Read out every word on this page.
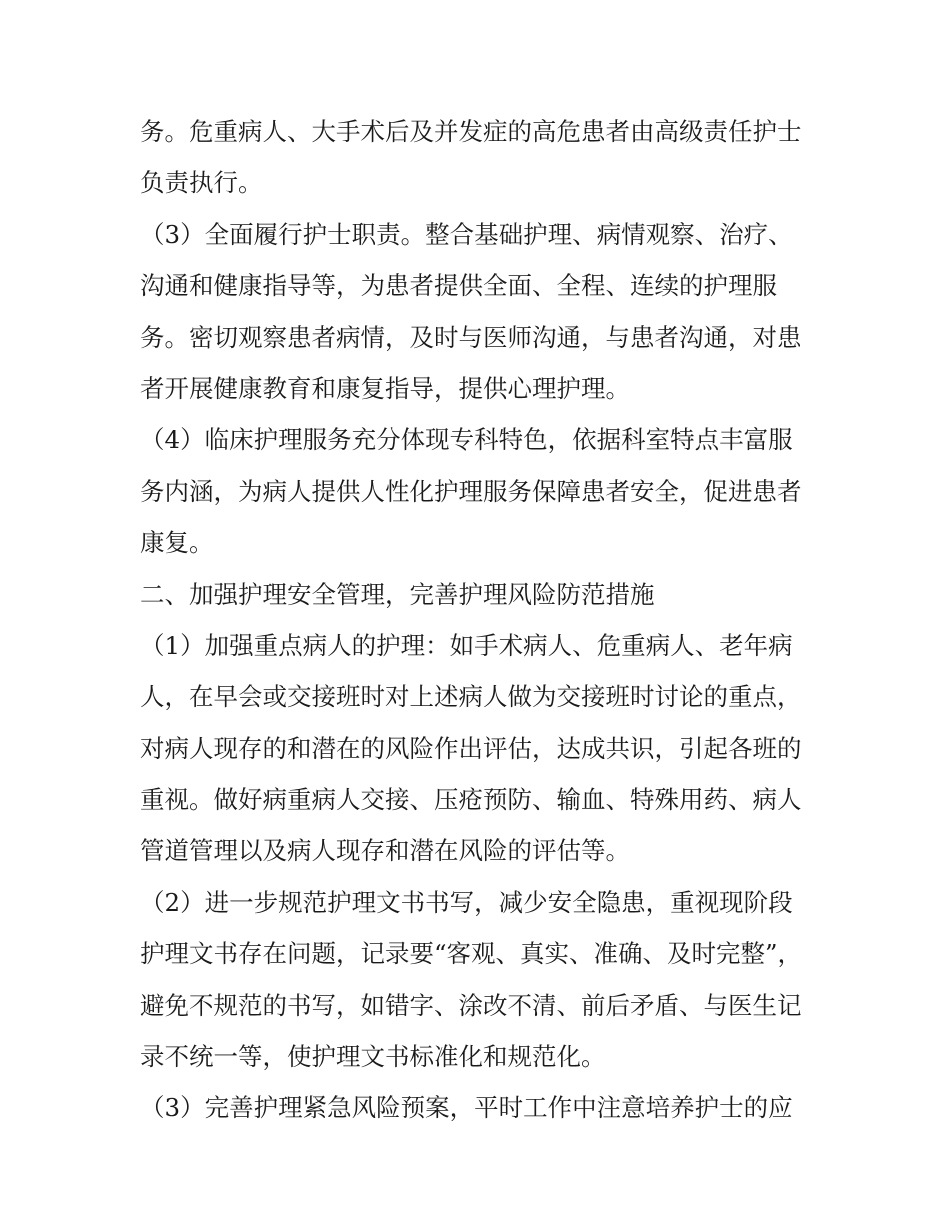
务。危重病人、大手术后及并发症的高危患者由高级责任护士
负责执行。
（3）全面履行护士职责。整合基础护理、病情观察、治疗、
沟通和健康指导等，为患者提供全面、全程、连续的护理服
务。密切观察患者病情，及时与医师沟通，与患者沟通，对患
者开展健康教育和康复指导，提供心理护理。
（4）临床护理服务充分体现专科特色，依据科室特点丰富服
务内涵，为病人提供人性化护理服务保障患者安全，促进患者
康复。
二、加强护理安全管理，完善护理风险防范措施
（1）加强重点病人的护理：如手术病人、危重病人、老年病
人，在早会或交接班时对上述病人做为交接班时讨论的重点，
对病人现存的和潜在的风险作出评估，达成共识，引起各班的
重视。做好病重病人交接、压疮预防、输血、特殊用药、病人
管道管理以及病人现存和潜在风险的评估等。
（2）进一步规范护理文书书写，减少安全隐患，重视现阶段
护理文书存在问题，记录要“客观、真实、准确、及时完整”，
避免不规范的书写，如错字、涂改不清、前后矛盾、与医生记
录不统一等，使护理文书标准化和规范化。
（3）完善护理紧急风险预案，平时工作中注意培养护士的应
